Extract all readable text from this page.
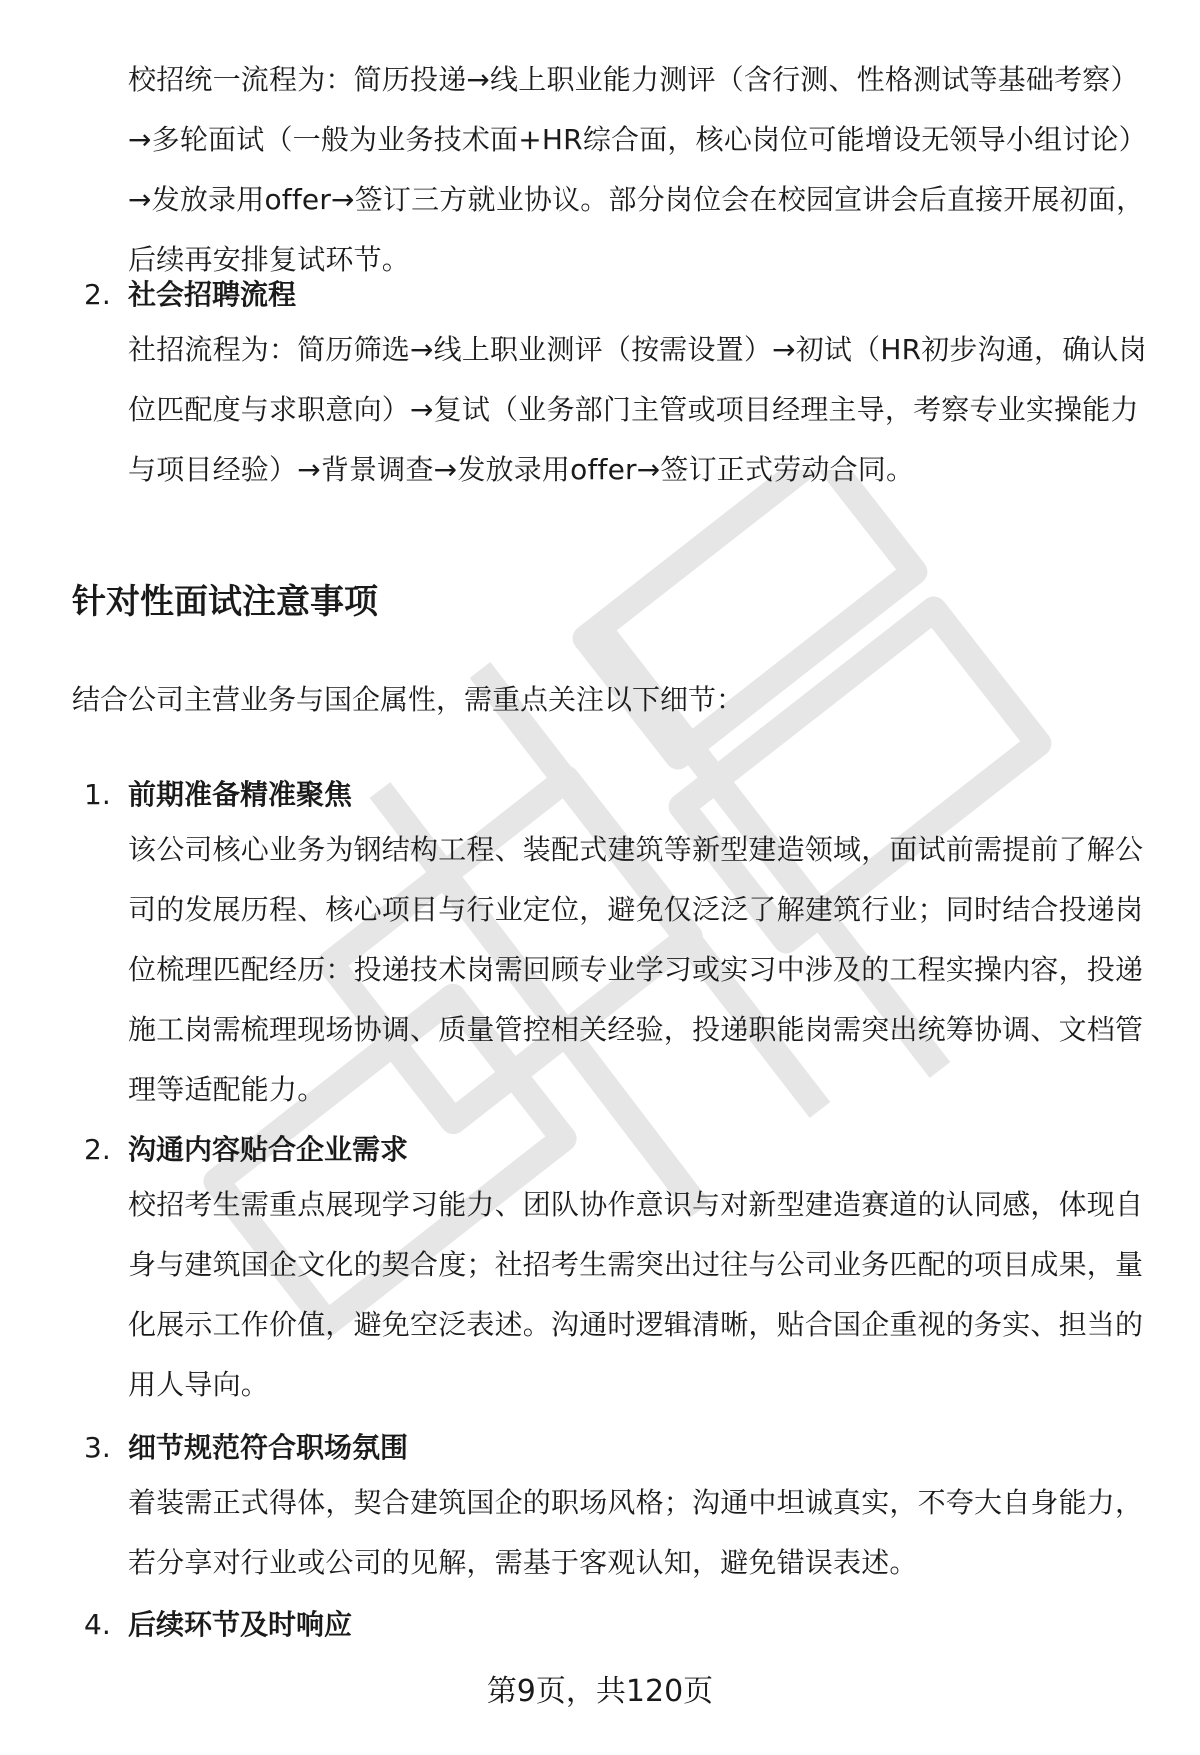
校招统一流程为：简历投递→线上职业能力测评（含行测、性格测试等基础考察）→多轮面试（一般为业务技术面+HR综合面，核心岗位可能增设无领导小组讨论）→发放录用offer→签订三方就业协议。部分岗位会在校园宣讲会后直接开展初面，后续再安排复试环节。

2. 社会招聘流程

社招流程为：简历筛选→线上职业测评（按需设置）→初试（HR初步沟通，确认岗位匹配度与求职意向）→复试（业务部门主管或项目经理主导，考察专业实操能力与项目经验）→背景调查→发放录用offer→签订正式劳动合同。

针对性面试注意事项
结合公司主营业务与国企属性，需重点关注以下细节：
1. 前期准备精准聚焦

该公司核心业务为钢结构工程、装配式建筑等新型建造领域，面试前需提前了解公司的发展历程、核心项目与行业定位，避免仅泛泛了解建筑行业；同时结合投递岗位梳理匹配经历：投递技术岗需回顾专业学习或实习中涉及的工程实操内容，投递施工岗需梳理现场协调、质量管控相关经验，投递职能岗需突出统筹协调、文档管理等适配能力。

2. 沟通内容贴合企业需求

校招考生需重点展现学习能力、团队协作意识与对新型建造赛道的认同感，体现自身与建筑国企文化的契合度；社招考生需突出过往与公司业务匹配的项目成果，量化展示工作价值，避免空泛表述。沟通时逻辑清晰，贴合国企重视的务实、担当的用人导向。

3. 细节规范符合职场氛围

着装需正式得体，契合建筑国企的职场风格；沟通中坦诚真实，不夸大自身能力，若分享对行业或公司的见解，需基于客观认知，避免错误表述。

4. 后续环节及时响应
第9页，共120页
